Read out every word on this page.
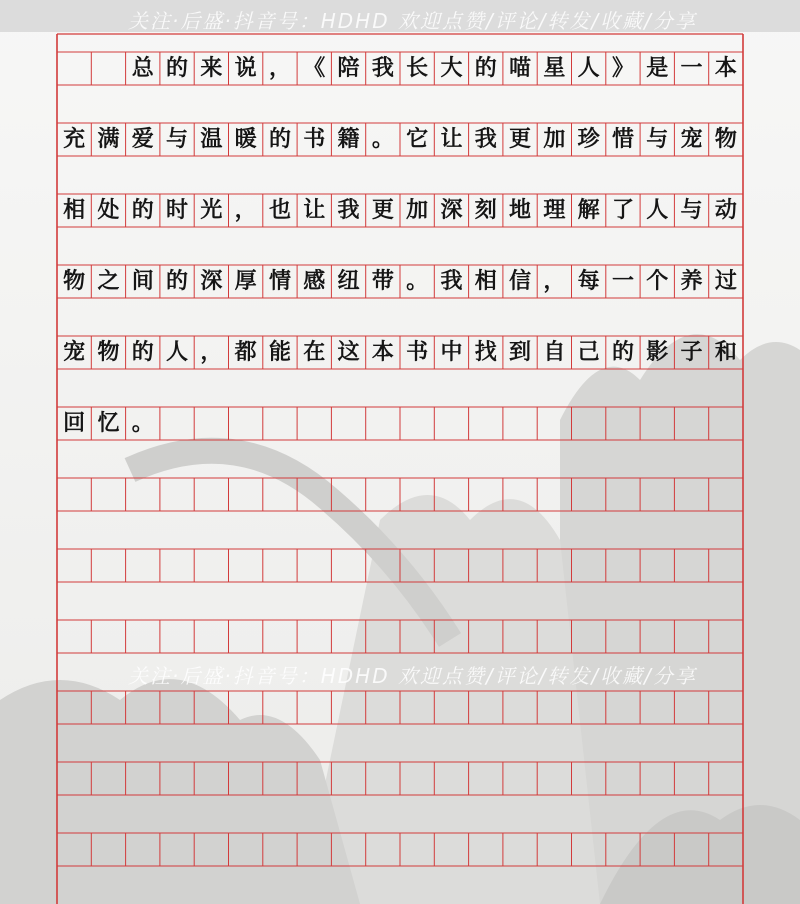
总 的 来 说 ， 《 陪 我 长 大 的 喵 星 人 》 是 一 本
充 满 爱 与 温 暖 的 书 籍 。 它 让 我 更 加 珍 惜 与 宠 物
相 处 的 时 光 ， 也 让 我 更 加 深 刻 地 理 解 了 人 与 动
物 之 间 的 深 厚 情 感 纽 带 。 我 相 信 ， 每 一 个 养 过
宠 物 的 人 ， 都 能 在 这 本 书 中 找 到 自 己 的 影 子 和
回 忆 。
关注·后盛·抖音号：HDHD 欢迎点赞/评论/转发/收藏/分享
关注·后盛·抖音号：HDHD 欢迎点赞/评论/转发/收藏/分享
